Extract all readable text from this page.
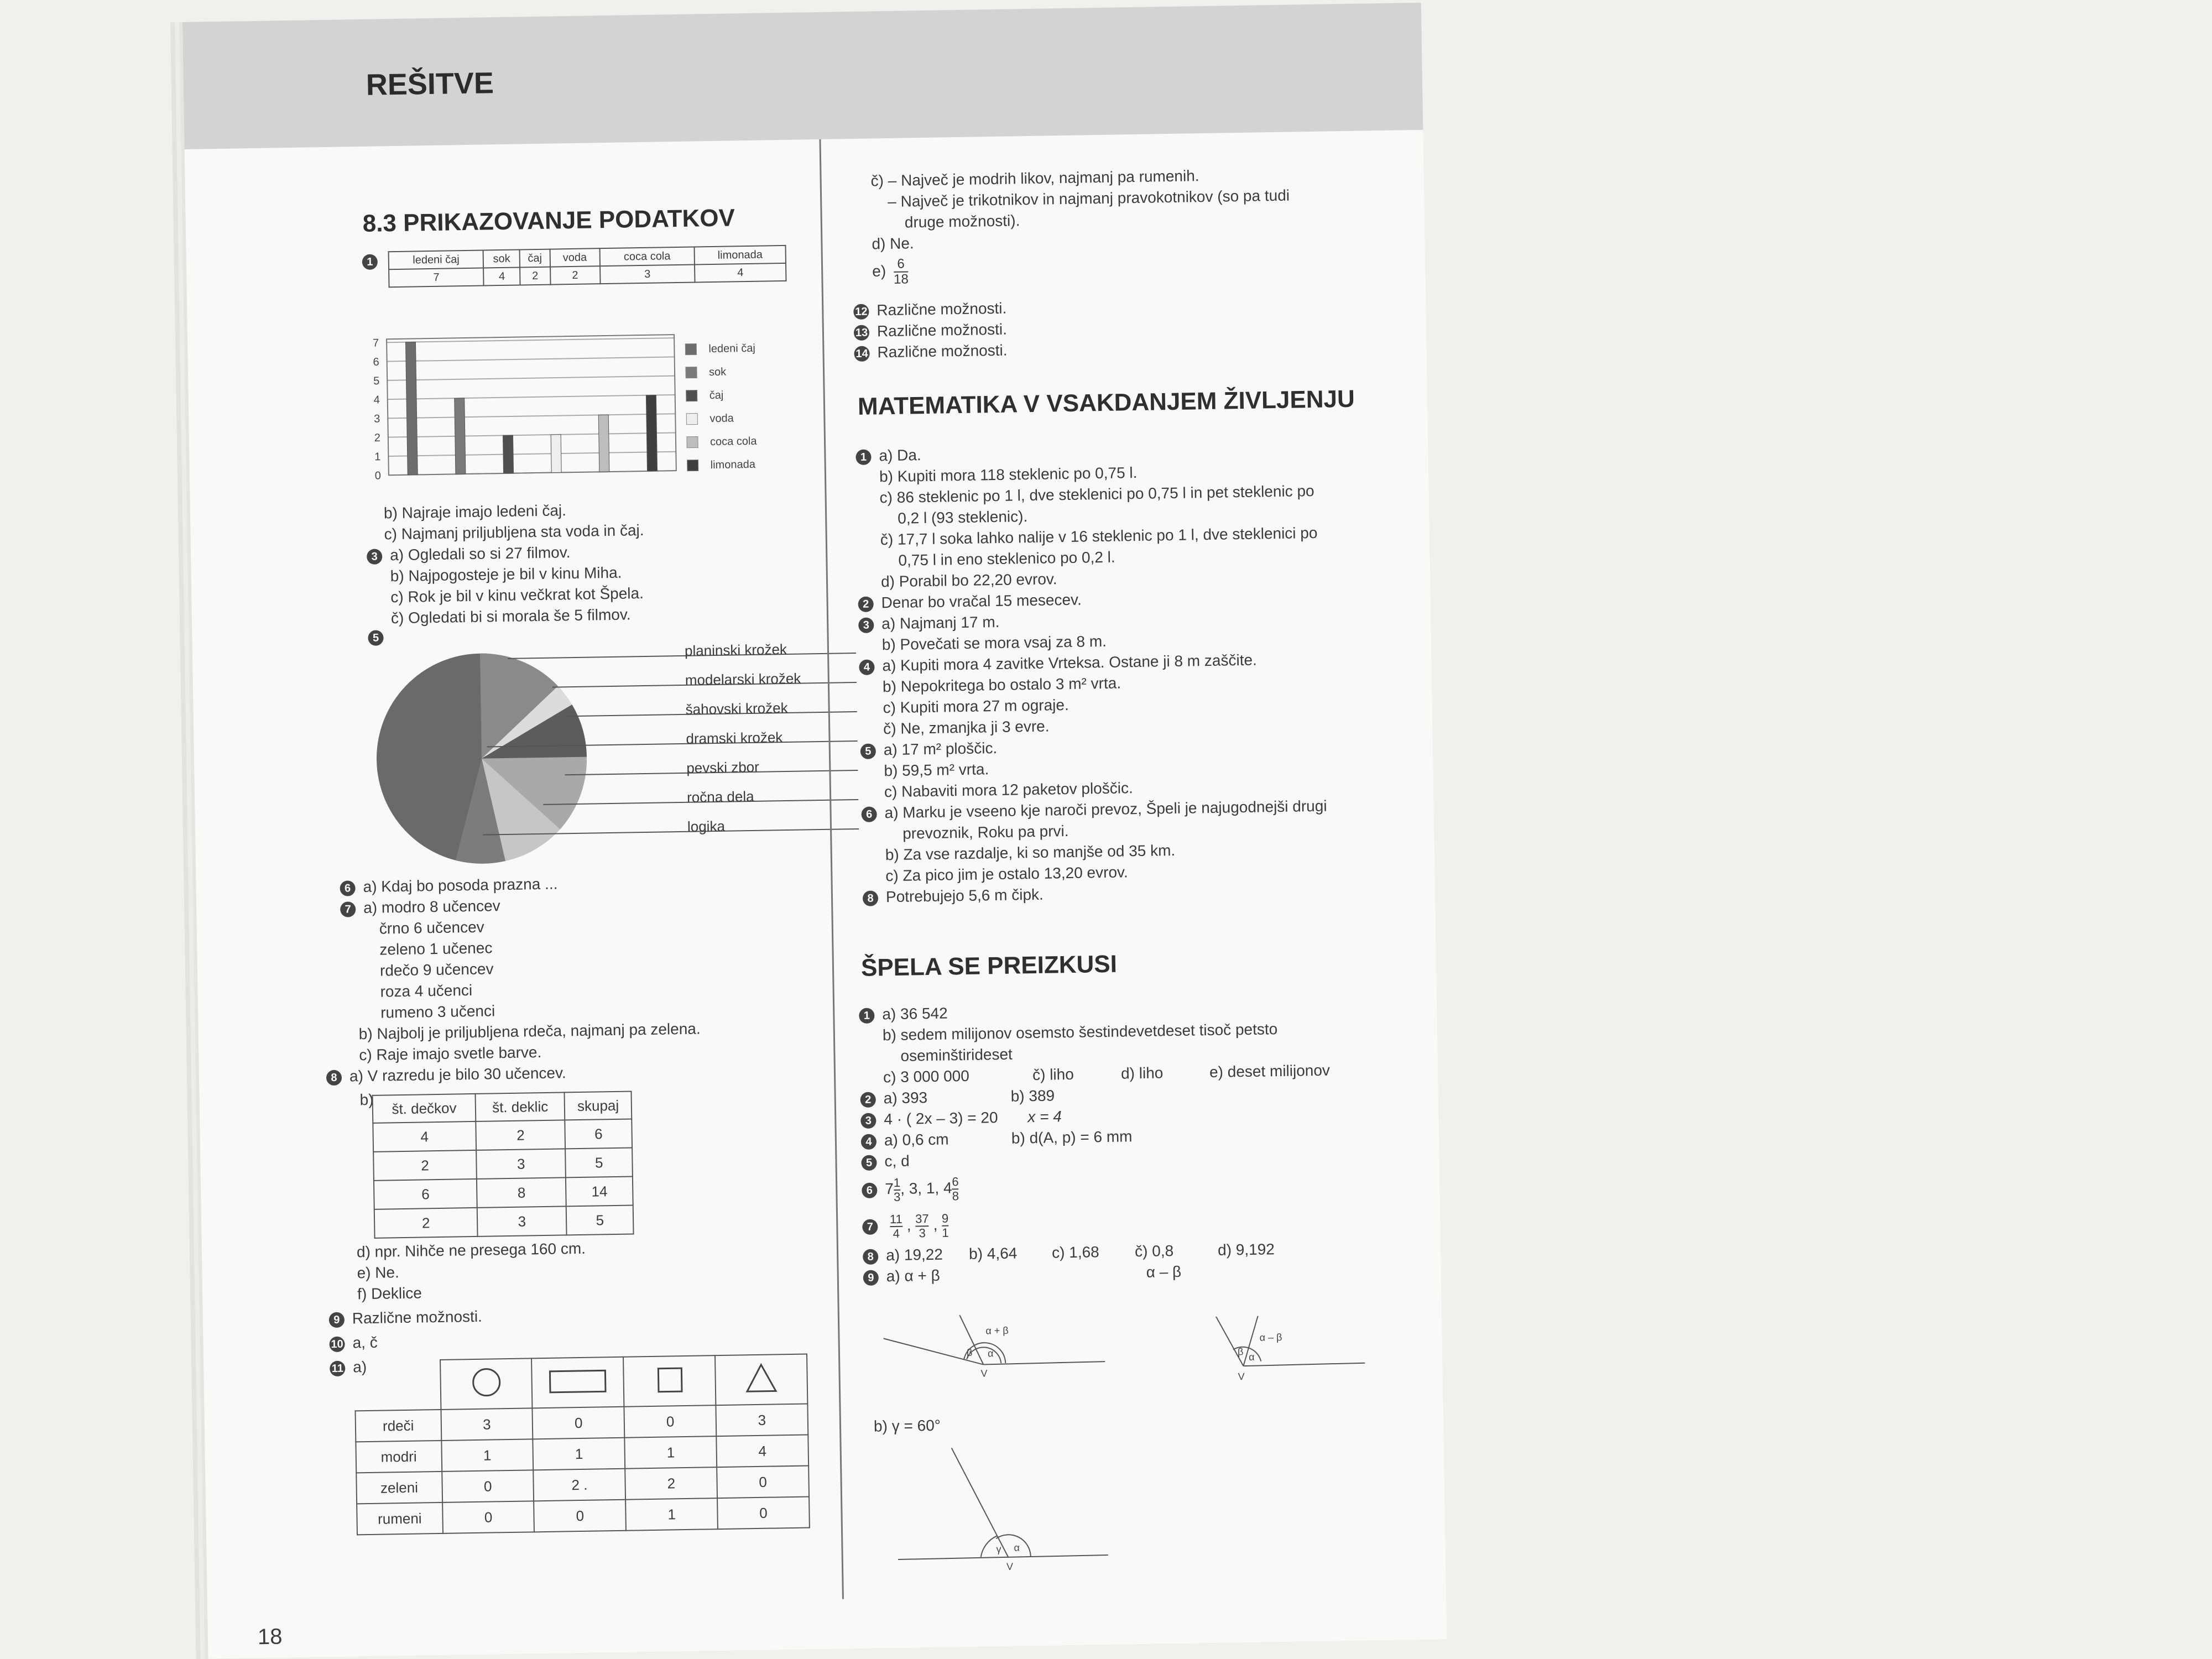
REŠITVE
8.3 PRIKAZOVANJE PODATKOV
1	ledeni čaj	sok	čaj	voda	coca cola	limonada
7	4	2	2	3	4
0
1
2
3
4
5
6
7	ledeni čaj
sok
čaj
voda
coca cola
limonada
b) Najraje imajo ledeni čaj.
c) Najmanj priljubljena sta voda in čaj.
3 a) Ogledali so si 27 filmov.
b) Najpogosteje je bil v kinu Miha.
c) Rok je bil v kinu večkrat kot Špela.
č) Ogledati bi si morala še 5 filmov.
5
planinski krožek
modelarski krožek
šahovski krožek
dramski krožek
pevski zbor
ročna dela
logika
6 a) Kdaj bo posoda prazna ...
7 a) modro 8 učencev
črno 6 učencev
zeleno 1 učenec
rdečo 9 učencev
roza 4 učenci
rumeno 3 učenci
b) Najbolj je priljubljena rdeča, najmanj pa zelena.
c) Raje imajo svetle barve.
8 a) V razredu je bilo 30 učencev.
b) št. dečkov	št. deklic	skupaj
4	2	6
2	3	5
6	8	14
2	3	5
d) npr. Nihče ne presega 160 cm.
e) Ne.
f) Deklice
9 Različne možnosti.
10 a, č
11 a)

rdeči	3	0	0	3
modri	1	1	1	4
zeleni	0	2 .	2	0
rumeni	0	0	1	0
č) – Največ je modrih likov, najmanj pa rumenih.
– Največ je trikotnikov in najmanj pravokotnikov (so pa tudi
druge možnosti).
d) Ne.
$e) \frac{6}{18}$
12 Različne možnosti.
13 Različne možnosti.
14 Različne možnosti.
MATEMATIKA V VSAKDANJEM ŽIVLJENJU
1 a) Da.
b) Kupiti mora 118 steklenic po 0,75 l.
c) 86 steklenic po 1 l, dve steklenici po 0,75 l in pet steklenic po
0,2 l (93 steklenic).
č) 17,7 l soka lahko nalije v 16 steklenic po 1 l, dve steklenici po
0,75 l in eno steklenico po 0,2 l.
d) Porabil bo 22,20 evrov.
2 Denar bo vračal 15 mesecev.
3 a) Najmanj 17 m.
b) Povečati se mora vsaj za 8 m.
4 a) Kupiti mora 4 zavitke Vrteksa. Ostane ji 8 m zaščite.
b) Nepokritega bo ostalo 3 m² vrta.
c) Kupiti mora 27 m ograje.
č) Ne, zmanjka ji 3 evre.
5 a) 17 m² ploščic.
b) 59,5 m² vrta.
c) Nabaviti mora 12 paketov ploščic.
6 a) Marku je vseeno kje naroči prevoz, Špeli je najugodnejši drugi
prevoznik, Roku pa prvi.
b) Za vse razdalje, ki so manjše od 35 km.
c) Za pico jim je ostalo 13,20 evrov.
8 Potrebujejo 5,6 m čipk.
ŠPELA SE PREIZKUSI
1 a) 36 542
b) sedem milijonov osemsto šestindevetdeset tisoč petsto
oseminštirideset
c) 3 000 000	č) liho	d) liho	e) deset milijonov
2 a) 393	b) 389
3 4 · ( 2x – 3) = 20 x = 4
4 a) 0,6 cm	b) d(A, p) = 6 mm
5 c, d
6 $7 \frac{1}{3}$ , 3, 1, $4 \frac{6}{8}$
$7 \frac{11}{4}$ , $\frac{37}{3}$ , $\frac{9}{1}$
8 a) 19,22 b) 4,64 c) 1,68 č) 0,8	d) 9,192
9 a) α + β	α – β
β α
α + β
V
β α
α – β
V
b) γ = 60°
γ α
V
18
